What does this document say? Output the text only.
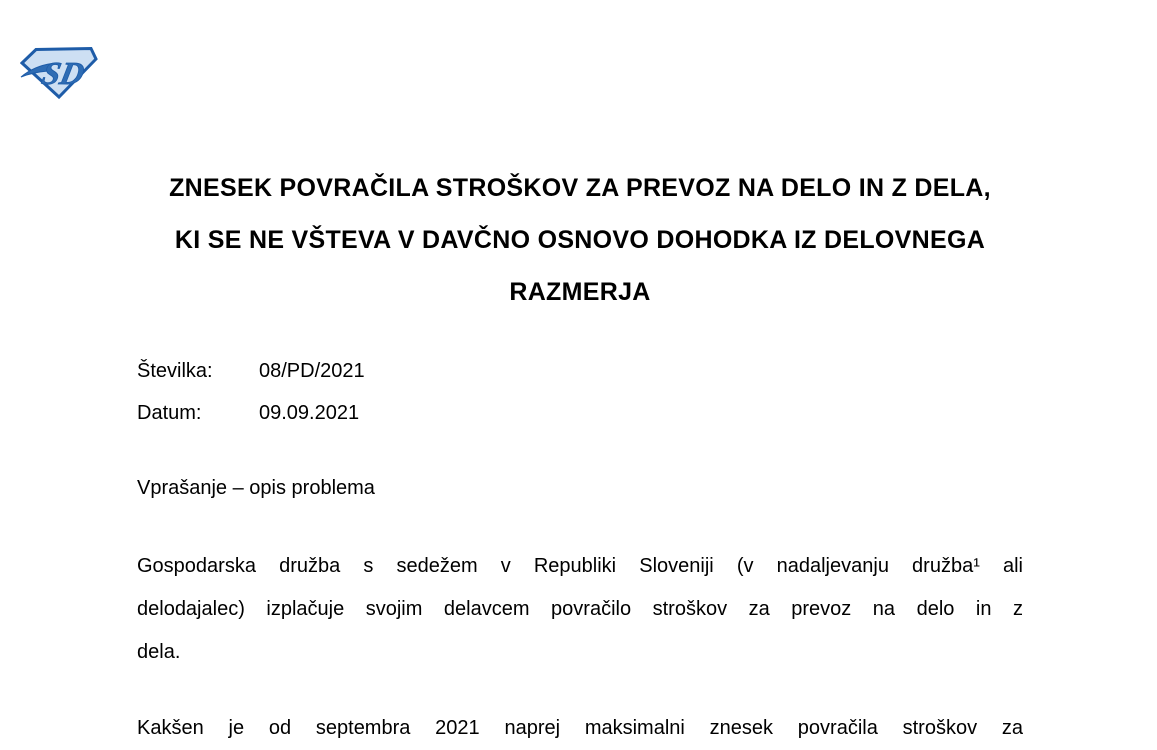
SD
ZNESEK POVRAČILA STROŠKOV ZA PREVOZ NA DELO IN Z DELA,
KI SE NE VŠTEVA V DAVČNO OSNOVO DOHODKA IZ DELOVNEGA
RAZMERJA
Številka: 08/PD/2021
Datum:	09.09.2021
Vprašanje – opis problema
Gospodarska družba s sedežem v Republiki Sloveniji (v nadaljevanju družba¹ ali
delodajalec) izplačuje svojim delavcem povračilo stroškov za prevoz na delo in z
dela.
Kakšen je od septembra 2021 naprej maksimalni znesek povračila stroškov za
